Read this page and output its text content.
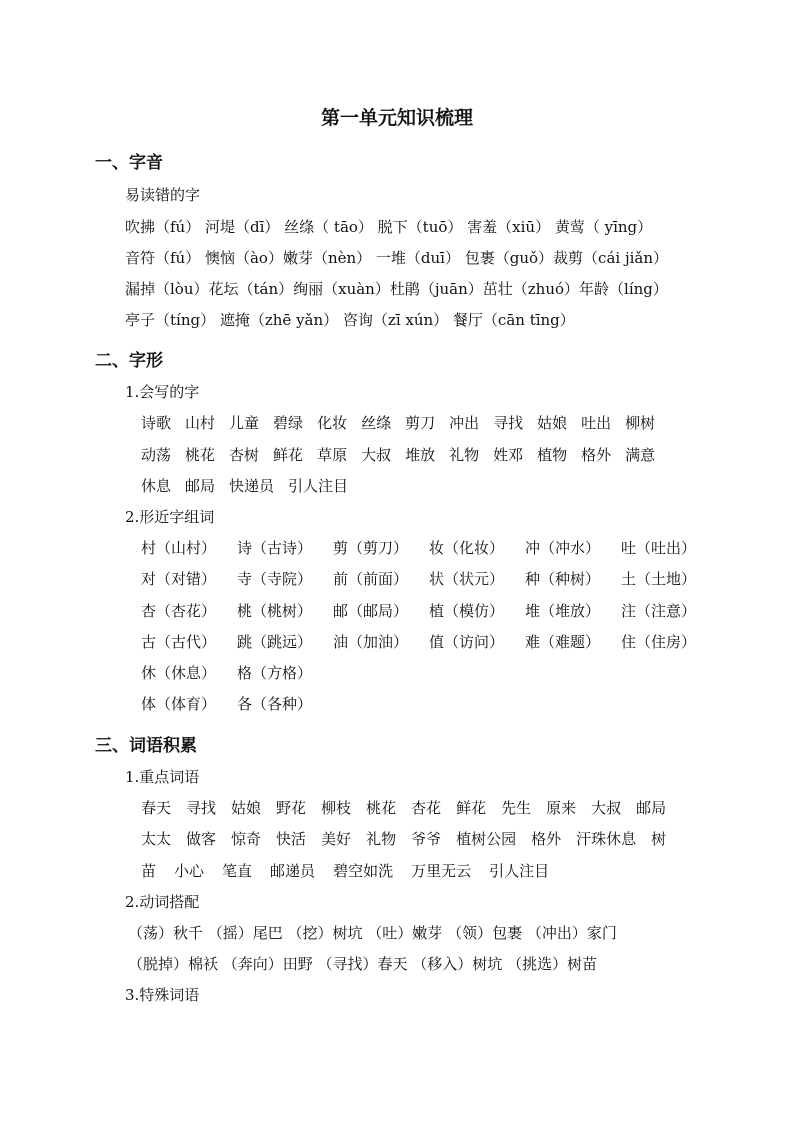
第一单元知识梳理
一、字音
易读错的字
吹拂（fú） 河堤（dī） 丝绦（ tāo） 脱下（tuō） 害羞（xiū） 黄莺（ yīng）
音符（fú） 懊恼（ào）嫩芽（nèn） 一堆（duī） 包裹（guǒ）裁剪（cái jiǎn）
漏掉（lòu）花坛（tán）绚丽（xuàn）杜鹃（juān）茁壮（zhuó）年龄（líng）
亭子（tíng） 遮掩（zhē yǎn） 咨询（zī xún） 餐厅（cān tīng）
二、字形
1.会写的字
诗歌 山村 儿童 碧绿 化妆 丝绦 剪刀 冲出 寻找 姑娘 吐出 柳树
动荡 桃花 杏树 鲜花 草原 大叔 堆放 礼物 姓邓 植物 格外 满意
休息 邮局 快递员 引人注目
2.形近字组词
村（山村）	诗（古诗）	剪（剪刀）	妆（化妆）	冲（冲水）	吐（吐出）
对（对错）	寺（寺院）	前（前面）	状（状元）	种（种树）	土（土地）
杏（杏花）	桃（桃树）	邮（邮局）	植（模仿）	堆（堆放）	注（注意）
古（古代）	跳（跳远）	油（加油）	值（访问）	难（难题）	住（住房）
休（休息）	格（方格）
体（体育）	各（各种）
三、词语积累
1.重点词语
春天 寻找 姑娘 野花 柳枝 桃花 杏花 鲜花 先生 原来 大叔 邮局
太太 做客 惊奇 快活 美好 礼物 爷爷 植树公园 格外 汗珠休息 树
苗 小心 笔直 邮递员 碧空如洗 万里无云 引人注目
2.动词搭配
（荡）秋千 （摇）尾巴 （挖）树坑 （吐）嫩芽 （领）包裹 （冲出）家门
（脱掉）棉袄 （奔向）田野 （寻找）春天 （移入）树坑 （挑选）树苗
3.特殊词语
